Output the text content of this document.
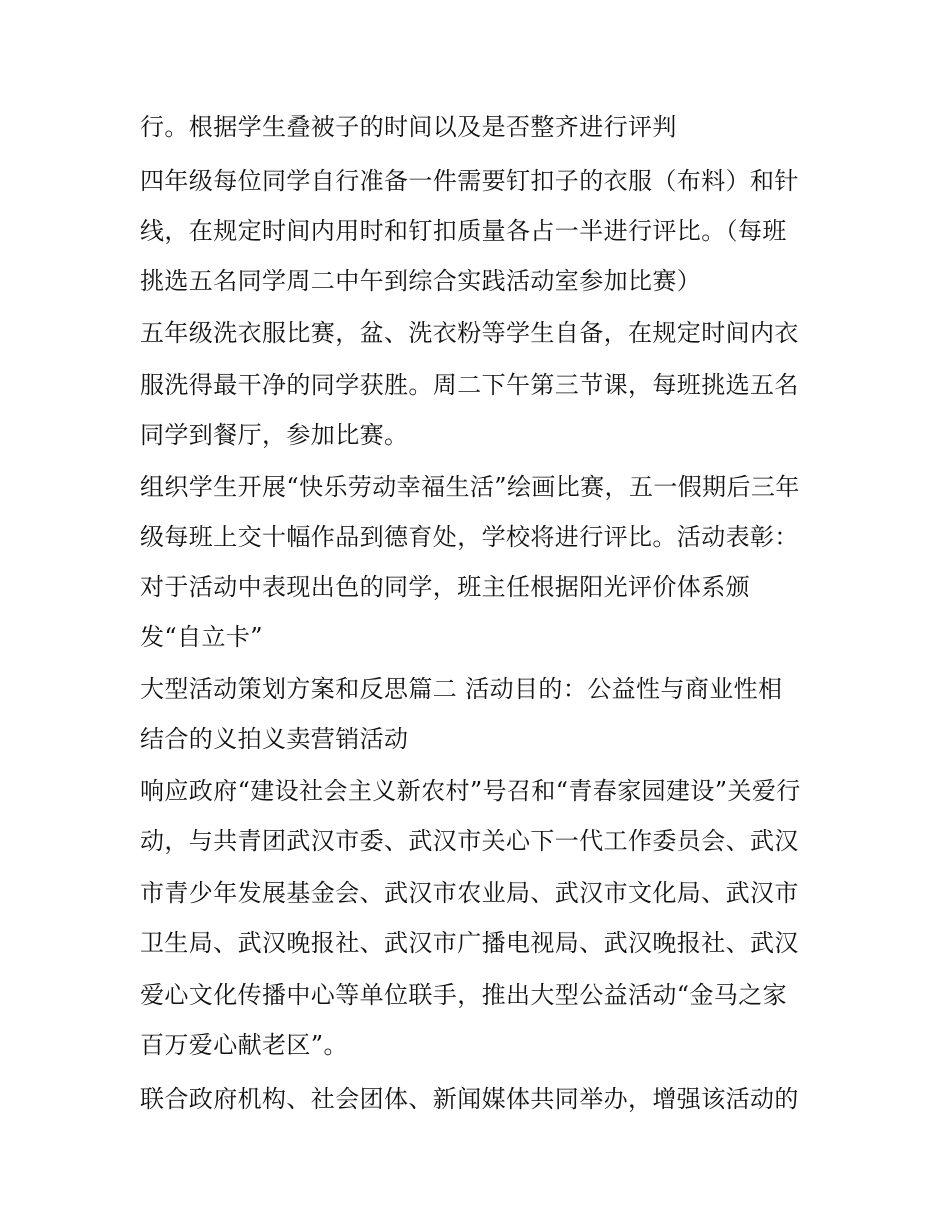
行。根据学生叠被子的时间以及是否整齐进行评判
四年级每位同学自行准备一件需要钉扣子的衣服（布料）和针
线，在规定时间内用时和钉扣质量各占一半进行评比。（每班
挑选五名同学周二中午到综合实践活动室参加比赛）
五年级洗衣服比赛，盆、洗衣粉等学生自备，在规定时间内衣
服洗得最干净的同学获胜。周二下午第三节课，每班挑选五名
同学到餐厅，参加比赛。
组织学生开展“快乐劳动幸福生活”绘画比赛，五一假期后三年
级每班上交十幅作品到德育处，学校将进行评比。活动表彰：
对于活动中表现出色的同学，班主任根据阳光评价体系颁
发“自立卡”
大型活动策划方案和反思篇二 活动目的：公益性与商业性相
结合的义拍义卖营销活动
响应政府“建设社会主义新农村”号召和“青春家园建设”关爱行
动，与共青团武汉市委、武汉市关心下一代工作委员会、武汉
市青少年发展基金会、武汉市农业局、武汉市文化局、武汉市
卫生局、武汉晚报社、武汉市广播电视局、武汉晚报社、武汉
爱心文化传播中心等单位联手，推出大型公益活动“金马之家
百万爱心献老区”。
联合政府机构、社会团体、新闻媒体共同举办，增强该活动的
